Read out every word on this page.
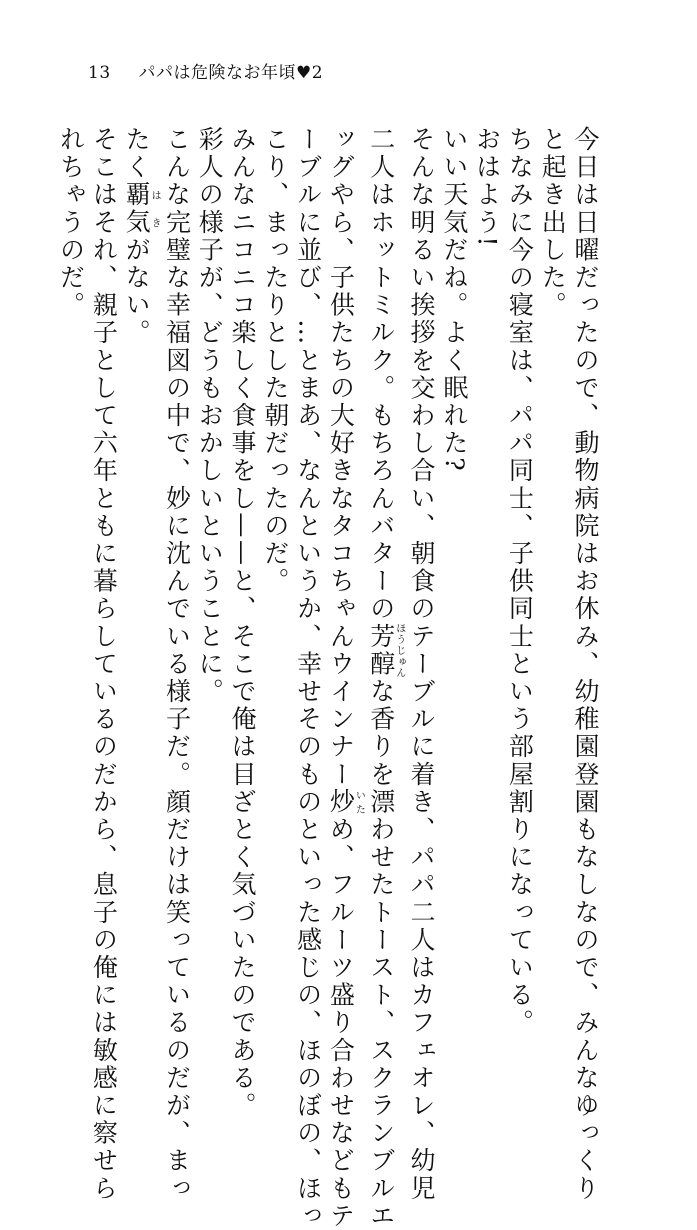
13 パパは危険なお年頃♥2

今日は日曜だったので、動物病院はお休み、幼稚園登園もなしなので、みんなゆっくり

と起き出した。

ちなみに今の寝室は、パパ同士、子供同士という部屋割りになっている。

おはよう!

いい天気だね。よく眠れた?

そんな明るい挨拶を交わし合い、朝食のテーブルに着き、パパ二人はカフェオレ、幼児

二人はホットミルク。もちろんバターの芳醇ほうじゅんな香りを漂わせたトースト、スクランブルエ

ッグやら、子供たちの大好きなタコちゃんウインナー炒いため、フルーツ盛り合わせなどもテ

ーブルに並び、…とまあ、なんというか、幸せそのものといった感じの、ほのぼの、ほっ

こり、まったりとした朝だったのだ。

みんなニコニコ楽しく食事をし——と、そこで俺は目ざとく気づいたのである。

彩人の様子が、どうもおかしいということに。

こんな完璧な幸福図の中で、妙に沈んでいる様子だ。顔だけは笑っているのだが、まっ

たく覇気はきがない。

そこはそれ、親子として六年ともに暮らしているのだから、息子の俺には敏感に察せら

れちゃうのだ。
